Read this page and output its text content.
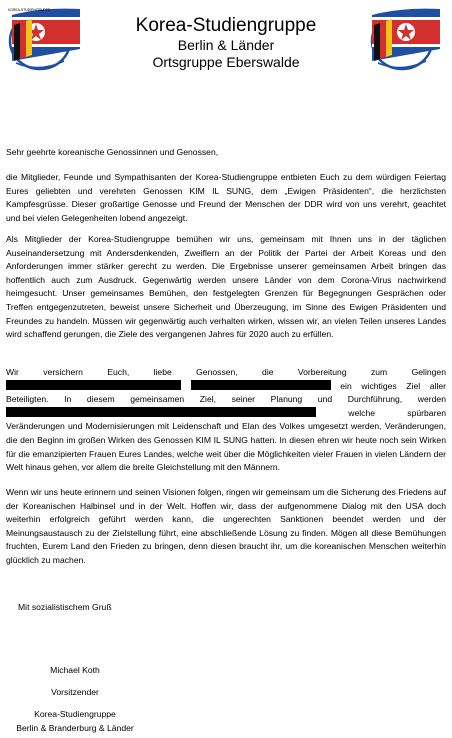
KOREA-STUDIENGRUPPE
Korea-Studiengruppe
Berlin & Länder
Ortsgruppe Eberswalde

Sehr geehrte koreanische Genossinnen und Genossen,

die Mitglieder, Feunde und Sympathisanten der Korea-Studiengruppe entbieten Euch zu dem würdigen Feiertag Eures geliebten und verehrten Genossen KIM IL SUNG, dem „Ewigen Präsidenten“, die herzlichsten Kampfesgrüsse. Dieser großartige Genosse und Freund der Menschen der DDR wird von uns verehrt, geachtet und bei vielen Gelegenheiten lobend angezeigt.

Als Mitglieder der Korea-Studiengruppe bemühen wir uns, gemeinsam mit Ihnen uns in der täglichen Auseinandersetzung mit Andersdenkenden, Zweiflern an der Politik der Partei der Arbeit Koreas und den Anforderungen immer stärker gerecht zu werden. Die Ergebnisse unserer gemeinsamen Arbeit bringen das hoffentlich auch zum Ausdruck. Gegenwärtig werden unsere Länder von dem Corona-Virus nachwirkend heimgesucht. Unser gemeinsames Bemühen, den festgelegten Grenzen für Begegnungen Gesprächen oder Treffen entgegenzutreten, beweist unsere Sicherheit und Überzeugung, im Sinne des Ewigen Präsidenten und Freundes zu handeln. Müssen wir gegenwärtig auch verhalten wirken, wissen wir, an vielen Teilen unseres Landes wird schaffend gerungen, die Ziele des vergangenen Jahres für 2020 auch zu erfüllen.

Wir versichern Euch, liebe Genossen, die Vorbereitung zum Gelingen   ein wichtiges Ziel aller Beteiligten. In diesem gemeinsamen Ziel, seiner Planung und Durchführung, werden  welche spürbaren Veränderungen und Modernisierungen mit Leidenschaft und Elan des Volkes umgesetzt werden, Veränderungen, die den Beginn im großen Wirken des Genossen KIM IL SUNG hatten. In diesen ehren wir heute noch sein Wirken für die emanzipierten Frauen Eures Landes, welche weit über die Möglichkeiten vieler Frauen in vielen Ländern der Welt hinaus gehen, vor allem die breite Gleichstellung mit den Männern.

Wenn wir uns heute erinnern und seinen Visionen folgen, ringen wir gemeinsam um die Sicherung des Friedens auf der Koreanischen Halbinsel und in der Welt. Hoffen wir, dass der aufgenommene Dialog mit den USA doch weiterhin erfolgreich geführt werden kann, die ungerechten Sanktionen beendet werden und der Meinungsaustausch zu der Zielstellung führt, eine abschließende Lösung zu finden. Mögen all diese Bemühungen fruchten, Eurem Land den Frieden zu bringen, denn diesen braucht ihr, um die koreanischen Menschen weiterhin glücklich zu machen.

Mit sozialistischem Gruß
Michael Koth
Vorsitzender
Korea-Studiengruppe
Berlin & Branderburg & Länder
